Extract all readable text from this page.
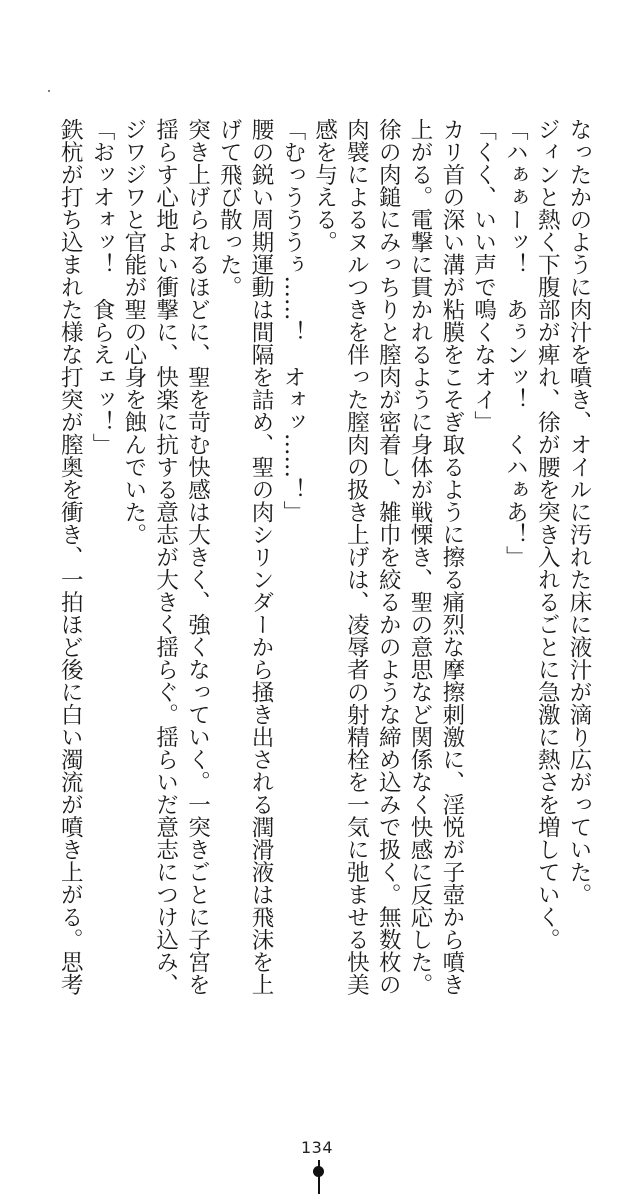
なったかのように肉汁を噴き、オイルに汚れた床に液汁が滴り広がっていた。

ジィンと熱く下腹部が痺れ、徐が腰を突き入れるごとに急激に熱さを増していく。

「ハぁぁーッ！　あぅンッ！　くハぁあ！」

「くく、いい声で鳴くなオイ」

カリ首の深い溝が粘膜をこそぎ取るように擦る痛烈な摩擦刺激に、淫悦が子壺から噴き上がる。電撃に貫かれるように身体が戦慄き、聖の意思など関係なく快感に反応した。

徐の肉鎚にみっちりと膣肉が密着し、雑巾を絞るかのような締め込みで扱く。無数枚の肉襞によるヌルつきを伴った膣肉の扱き上げは、凌辱者の射精栓を一気に弛ませる快美感を与える。

「むっうううぅ……！　オォッ……！」

腰の鋭い周期運動は間隔を詰め、聖の肉シリンダーから掻き出される潤滑液は飛沫を上げて飛び散った。

突き上げられるほどに、聖を苛む快感は大きく、強くなっていく。一突きごとに子宮を揺らす心地よい衝撃に、快楽に抗する意志が大きく揺らぐ。揺らいだ意志につけ込み、ジワジワと官能が聖の心身を蝕んでいた。

「おッオォッ！　食らえェッ！」

鉄杭が打ち込まれた様な打突が膣奥を衝き、一拍ほど後に白い濁流が噴き上がる。思考

134
